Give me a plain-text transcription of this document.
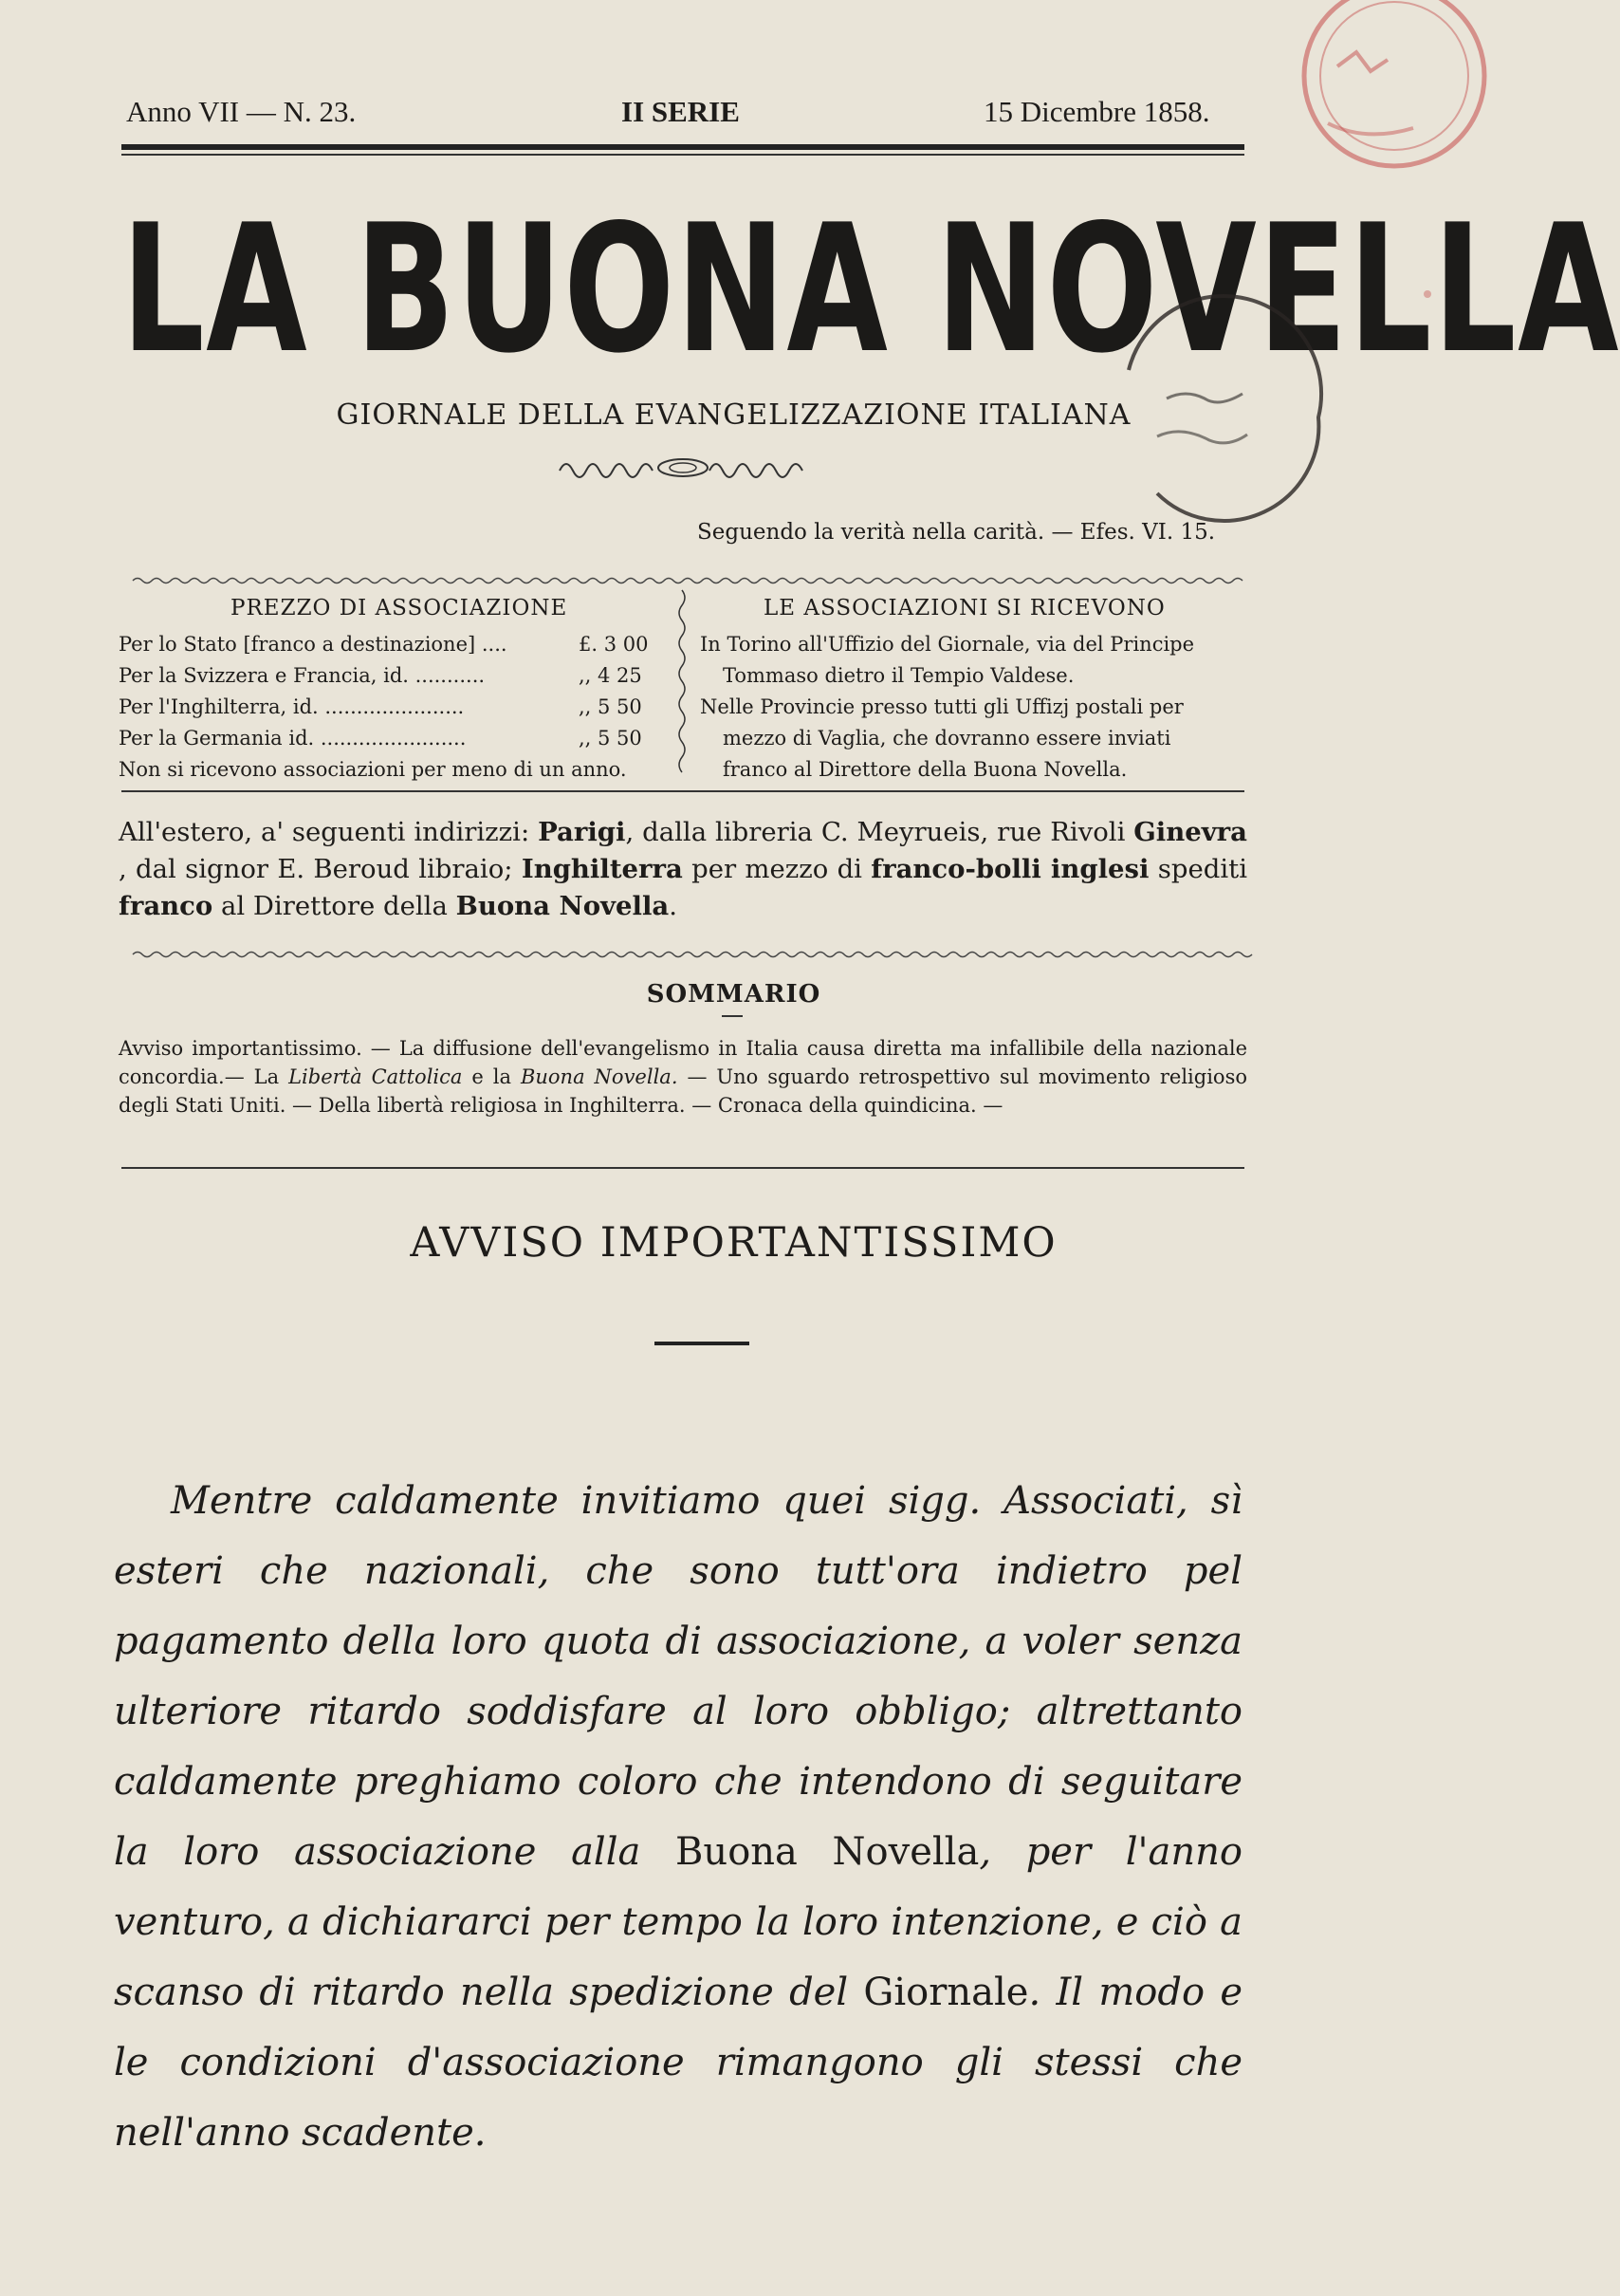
Anno VII — N. 23.	II SERIE	15 Dicembre 1858.
LA BUONA NOVELLA
GIORNALE DELLA EVANGELIZZAZIONE ITALIANA
Seguendo la verità nella carità. — Efes. VI. 15.
PREZZO DI ASSOCIAZIONE
Per lo Stato [franco a destinazione] ....	£. 3 00
Per la Svizzera e Francia, id. ...........	,, 4 25
Per l'Inghilterra, id. ......................	,, 5 50
Per la Germania id. .......................	,, 5 50
Non si ricevono associazioni per meno di un anno.
LE ASSOCIAZIONI SI RICEVONO
In Torino all'Uffizio del Giornale, via del Principe
Tommaso dietro il Tempio Valdese.
Nelle Provincie presso tutti gli Uffizj postali per
mezzo di Vaglia, che dovranno essere inviati
franco al Direttore della Buona Novella.
All'estero, a' seguenti indirizzi: Parigi, dalla libreria C. Meyrueis, rue Rivoli Ginevra , dal signor E. Beroud libraio; Inghilterra per mezzo di franco-bolli inglesi spediti franco al Direttore della Buona Novella.
SOMMARIO
Avviso importantissimo. — La diffusione dell'evangelismo in Italia causa diretta ma infallibile della nazionale concordia.— La Libertà Cattolica e la Buona Novella. — Uno sguardo retrospettivo sul movimento religioso degli Stati Uniti. — Della libertà religiosa in Inghilterra. — Cronaca della quindicina. —
AVVISO IMPORTANTISSIMO
Mentre caldamente invitiamo quei sigg. Associati, sì esteri che nazionali, che sono tutt'ora indietro pel pagamento della loro quota di associazione, a voler senza ulteriore ritardo soddisfare al loro obbligo; altrettanto caldamente preghiamo coloro che intendono di seguitare la loro associazione alla Buona Novella, per l'anno venturo, a dichiararci per tempo la loro intenzione, e ciò a scanso di ritardo nella spedizione del Giornale. Il modo e le condizioni d'associazione rimangono gli stessi che nell'anno scadente.
